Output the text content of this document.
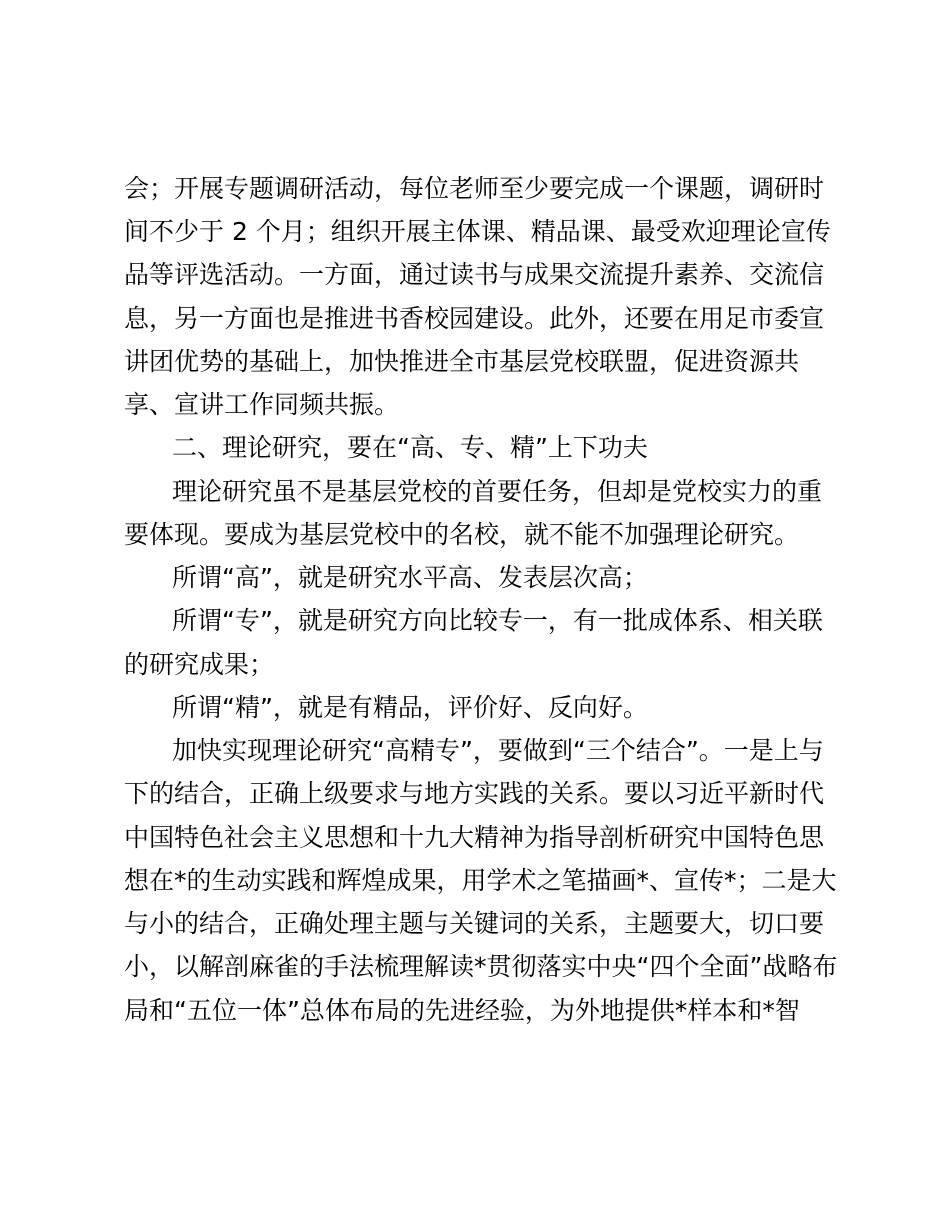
会；开展专题调研活动，每位老师至少要完成一个课题，调研时

间不少于 2 个月；组织开展主体课、精品课、最受欢迎理论宣传

品等评选活动。一方面，通过读书与成果交流提升素养、交流信

息，另一方面也是推进书香校园建设。此外，还要在用足市委宣

讲团优势的基础上，加快推进全市基层党校联盟，促进资源共

享、宣讲工作同频共振。

二、理论研究，要在“高、专、精”上下功夫

理论研究虽不是基层党校的首要任务，但却是党校实力的重

要体现。要成为基层党校中的名校，就不能不加强理论研究。

所谓“高”，就是研究水平高、发表层次高；

所谓“专”，就是研究方向比较专一，有一批成体系、相关联

的研究成果；

所谓“精”，就是有精品，评价好、反向好。

加快实现理论研究“高精专”，要做到“三个结合”。一是上与

下的结合，正确上级要求与地方实践的关系。要以习近平新时代

中国特色社会主义思想和十九大精神为指导剖析研究中国特色思

想在*的生动实践和辉煌成果，用学术之笔描画*、宣传*；二是大

与小的结合，正确处理主题与关键词的关系，主题要大，切口要

小，以解剖麻雀的手法梳理解读*贯彻落实中央“四个全面”战略布

局和“五位一体”总体布局的先进经验，为外地提供*样本和*智
